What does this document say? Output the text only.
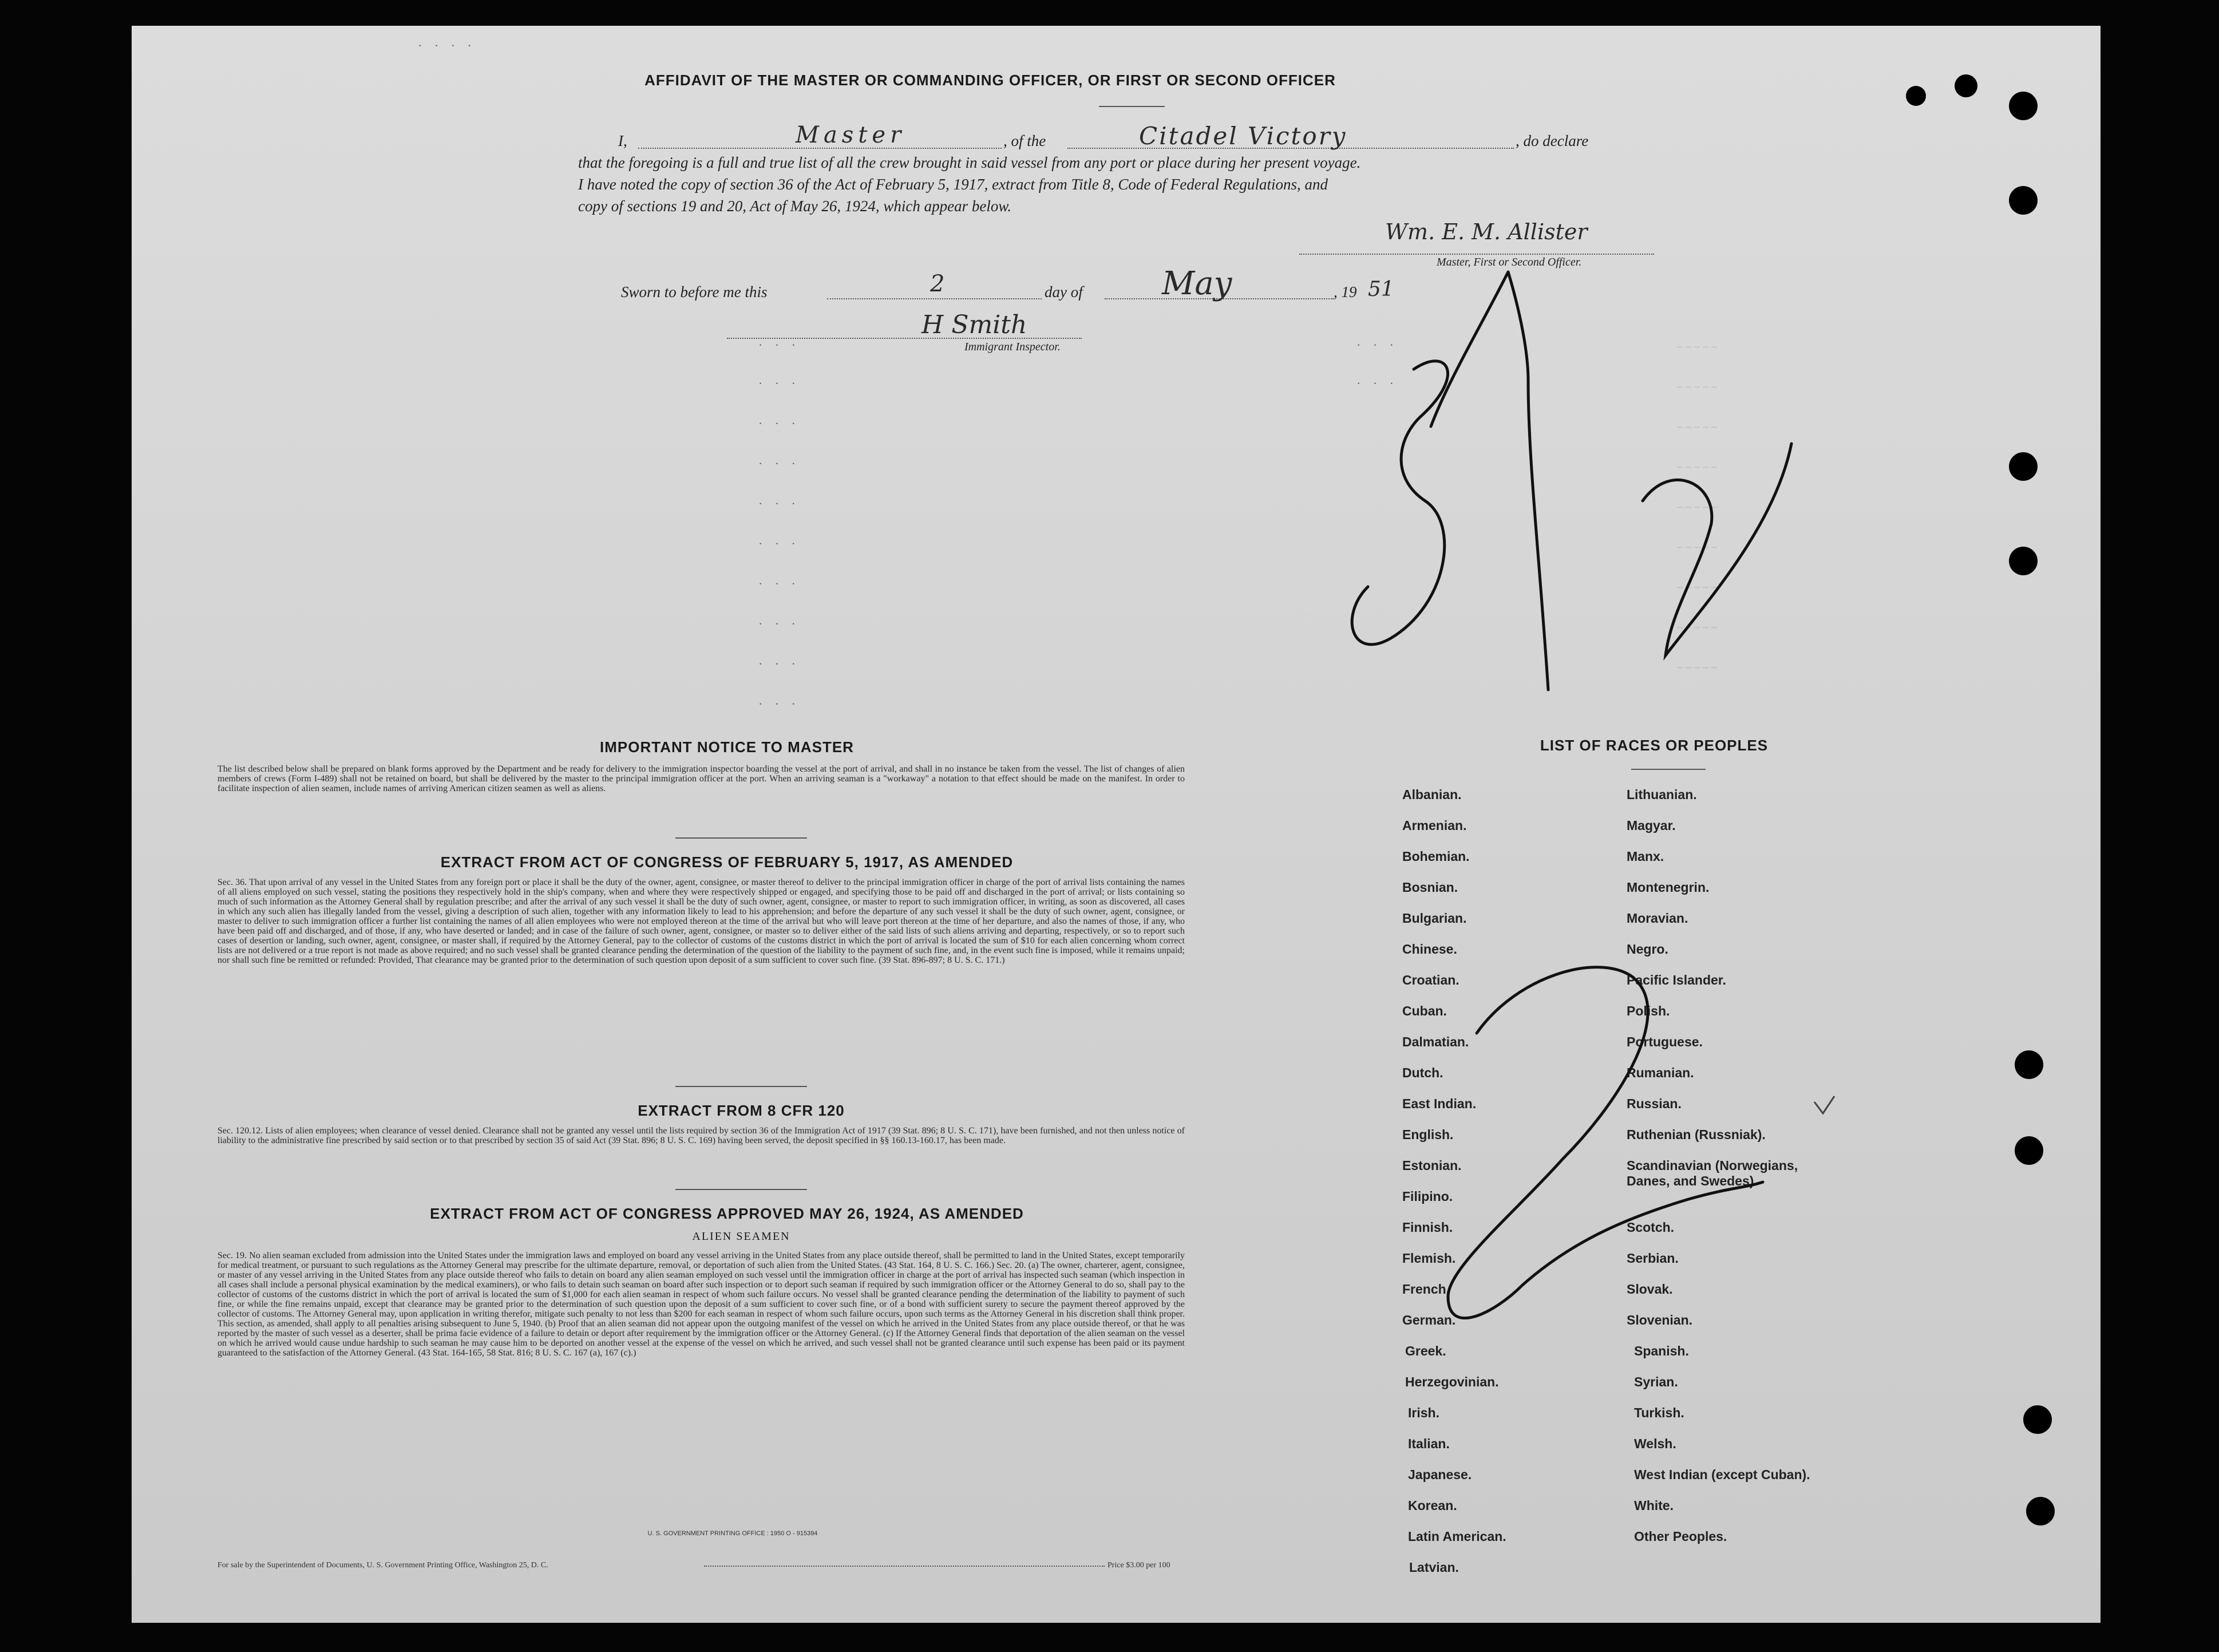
· · · ·
AFFIDAVIT OF THE MASTER OR COMMANDING OFFICER, OR FIRST OR SECOND OFFICER
I,	Master	, of the	Citadel Victory	, do declare
that the foregoing is a full and true list of all the crew brought in said vessel from any port or place during her present voyage.
I have noted the copy of section 36 of the Act of February 5, 1917, extract from Title 8, Code of Federal Regulations, and
copy of sections 19 and 20, Act of May 26, 1924, which appear below.
Wm. E. M. Allister
Master, First or Second Officer.
Sworn to before me this	2	day of May	, 19 51
H Smith
Immigrant Inspector.
· · ·
· · ·
· · ·
· · ·
· · ·
· · ·
· · ·
· · ·
· · ·
· · ·
· · ·
· · ·
– – – – –
– – – – –
– – – – –
– – – – –
– – – – –
– – – – –
– – – – –
– – – – –
– – – – –
IMPORTANT NOTICE TO MASTER
The list described below shall be prepared on blank forms approved by the Department and be ready for delivery to the immigration inspector boarding the vessel at the port of arrival, and shall in no instance be taken from the vessel. The list of changes of alien members of crews (Form I-489) shall not be retained on board, but shall be delivered by the master to the principal immigration officer at the port. When an arriving seaman is a "workaway" a notation to that effect should be made on the manifest. In order to facilitate inspection of alien seamen, include names of arriving American citizen seamen as well as aliens.
EXTRACT FROM ACT OF CONGRESS OF FEBRUARY 5, 1917, AS AMENDED
Sec. 36. That upon arrival of any vessel in the United States from any foreign port or place it shall be the duty of the owner, agent, consignee, or master thereof to deliver to the principal immigration officer in charge of the port of arrival lists containing the names of all aliens employed on such vessel, stating the positions they respectively hold in the ship's company, when and where they were respectively shipped or engaged, and specifying those to be paid off and discharged in the port of arrival; or lists containing so much of such information as the Attorney General shall by regulation prescribe; and after the arrival of any such vessel it shall be the duty of such owner, agent, consignee, or master to report to such immigration officer, in writing, as soon as discovered, all cases in which any such alien has illegally landed from the vessel, giving a description of such alien, together with any information likely to lead to his apprehension; and before the departure of any such vessel it shall be the duty of such owner, agent, consignee, or master to deliver to such immigration officer a further list containing the names of all alien employees who were not employed thereon at the time of the arrival but who will leave port thereon at the time of her departure, and also the names of those, if any, who have been paid off and discharged, and of those, if any, who have deserted or landed; and in case of the failure of such owner, agent, consignee, or master so to deliver either of the said lists of such aliens arriving and departing, respectively, or so to report such cases of desertion or landing, such owner, agent, consignee, or master shall, if required by the Attorney General, pay to the collector of customs of the customs district in which the port of arrival is located the sum of $10 for each alien concerning whom correct lists are not delivered or a true report is not made as above required; and no such vessel shall be granted clearance pending the determination of the question of the liability to the payment of such fine, and, in the event such fine is imposed, while it remains unpaid; nor shall such fine be remitted or refunded: Provided, That clearance may be granted prior to the determination of such question upon deposit of a sum sufficient to cover such fine. (39 Stat. 896-897; 8 U. S. C. 171.)
EXTRACT FROM 8 CFR 120
Sec. 120.12. Lists of alien employees; when clearance of vessel denied. Clearance shall not be granted any vessel until the lists required by section 36 of the Immigration Act of 1917 (39 Stat. 896; 8 U. S. C. 171), have been furnished, and not then unless notice of liability to the administrative fine prescribed by said section or to that prescribed by section 35 of said Act (39 Stat. 896; 8 U. S. C. 169) having been served, the deposit specified in §§ 160.13-160.17, has been made.
EXTRACT FROM ACT OF CONGRESS APPROVED MAY 26, 1924, AS AMENDED
ALIEN SEAMEN
Sec. 19. No alien seaman excluded from admission into the United States under the immigration laws and employed on board any vessel arriving in the United States from any place outside thereof, shall be permitted to land in the United States, except temporarily for medical treatment, or pursuant to such regulations as the Attorney General may prescribe for the ultimate departure, removal, or deportation of such alien from the United States. (43 Stat. 164, 8 U. S. C. 166.) Sec. 20. (a) The owner, charterer, agent, consignee, or master of any vessel arriving in the United States from any place outside thereof who fails to detain on board any alien seaman employed on such vessel until the immigration officer in charge at the port of arrival has inspected such seaman (which inspection in all cases shall include a personal physical examination by the medical examiners), or who fails to detain such seaman on board after such inspection or to deport such seaman if required by such immigration officer or the Attorney General to do so, shall pay to the collector of customs of the customs district in which the port of arrival is located the sum of $1,000 for each alien seaman in respect of whom such failure occurs. No vessel shall be granted clearance pending the determination of the liability to payment of such fine, or while the fine remains unpaid, except that clearance may be granted prior to the determination of such question upon the deposit of a sum sufficient to cover such fine, or of a bond with sufficient surety to secure the payment thereof approved by the collector of customs. The Attorney General may, upon application in writing therefor, mitigate such penalty to not less than $200 for each seaman in respect of whom such failure occurs, upon such terms as the Attorney General in his discretion shall think proper. This section, as amended, shall apply to all penalties arising subsequent to June 5, 1940. (b) Proof that an alien seaman did not appear upon the outgoing manifest of the vessel on which he arrived in the United States from any place outside thereof, or that he was reported by the master of such vessel as a deserter, shall be prima facie evidence of a failure to detain or deport after requirement by the immigration officer or the Attorney General. (c) If the Attorney General finds that deportation of the alien seaman on the vessel on which he arrived would cause undue hardship to such seaman he may cause him to be deported on another vessel at the expense of the vessel on which he arrived, and such vessel shall not be granted clearance until such expense has been paid or its payment guaranteed to the satisfaction of the Attorney General. (43 Stat. 164-165, 58 Stat. 816; 8 U. S. C. 167 (a), 167 (c).)
U. S. GOVERNMENT PRINTING OFFICE : 1950 O - 915394
For sale by the Superintendent of Documents, U. S. Government Printing Office, Washington 25, D. C.	Price $3.00 per 100
LIST OF RACES OR PEOPLES
Albanian.
Armenian.
Bohemian.
Bosnian.
Bulgarian.
Chinese.
Croatian.
Cuban.
Dalmatian.
Dutch.
East Indian.
English.
Estonian.
Filipino.
Finnish.
Flemish.
French.
German.
Greek.
Herzegovinian.
Irish.
Italian.
Japanese.
Korean.
Latin American.
Latvian.
Lithuanian.
Magyar.
Manx.
Montenegrin.
Moravian.
Negro.
Pacific Islander.
Polish.
Portuguese.
Rumanian.
Russian.
Ruthenian (Russniak).
Scandinavian (Norwegians, Danes, and Swedes).
Scotch.
Serbian.
Slovak.
Slovenian.
Spanish.
Syrian.
Turkish.
Welsh.
West Indian (except Cuban).
White.
Other Peoples.
